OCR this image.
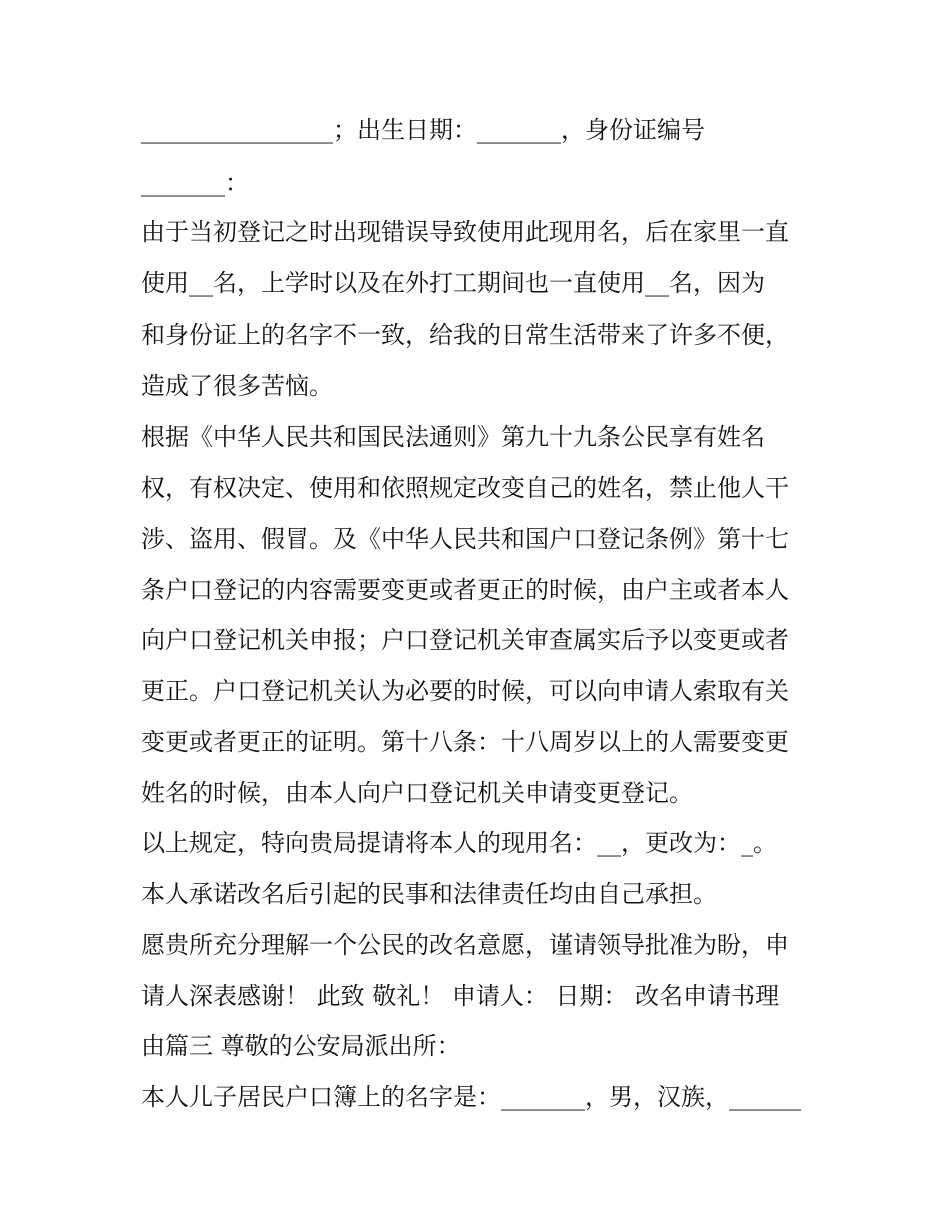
________________；出生日期：_______，身份证编号
_______：
由于当初登记之时出现错误导致使用此现用名，后在家里一直
使用__名，上学时以及在外打工期间也一直使用__名，因为
和身份证上的名字不一致，给我的日常生活带来了许多不便，
造成了很多苦恼。
根据《中华人民共和国民法通则》第九十九条公民享有姓名
权，有权决定、使用和依照规定改变自己的姓名，禁止他人干
涉、盗用、假冒。及《中华人民共和国户口登记条例》第十七
条户口登记的内容需要变更或者更正的时候，由户主或者本人
向户口登记机关申报；户口登记机关审查属实后予以变更或者
更正。户口登记机关认为必要的时候，可以向申请人索取有关
变更或者更正的证明。第十八条：十八周岁以上的人需要变更
姓名的时候，由本人向户口登记机关申请变更登记。
以上规定，特向贵局提请将本人的现用名：__，更改为：_。
本人承诺改名后引起的民事和法律责任均由自己承担。
愿贵所充分理解一个公民的改名意愿，谨请领导批准为盼，申
请人深表感谢！ 此致 敬礼！ 申请人： 日期： 改名申请书理
由篇三 尊敬的公安局派出所：
本人儿子居民户口簿上的名字是：_______，男，汉族，______
